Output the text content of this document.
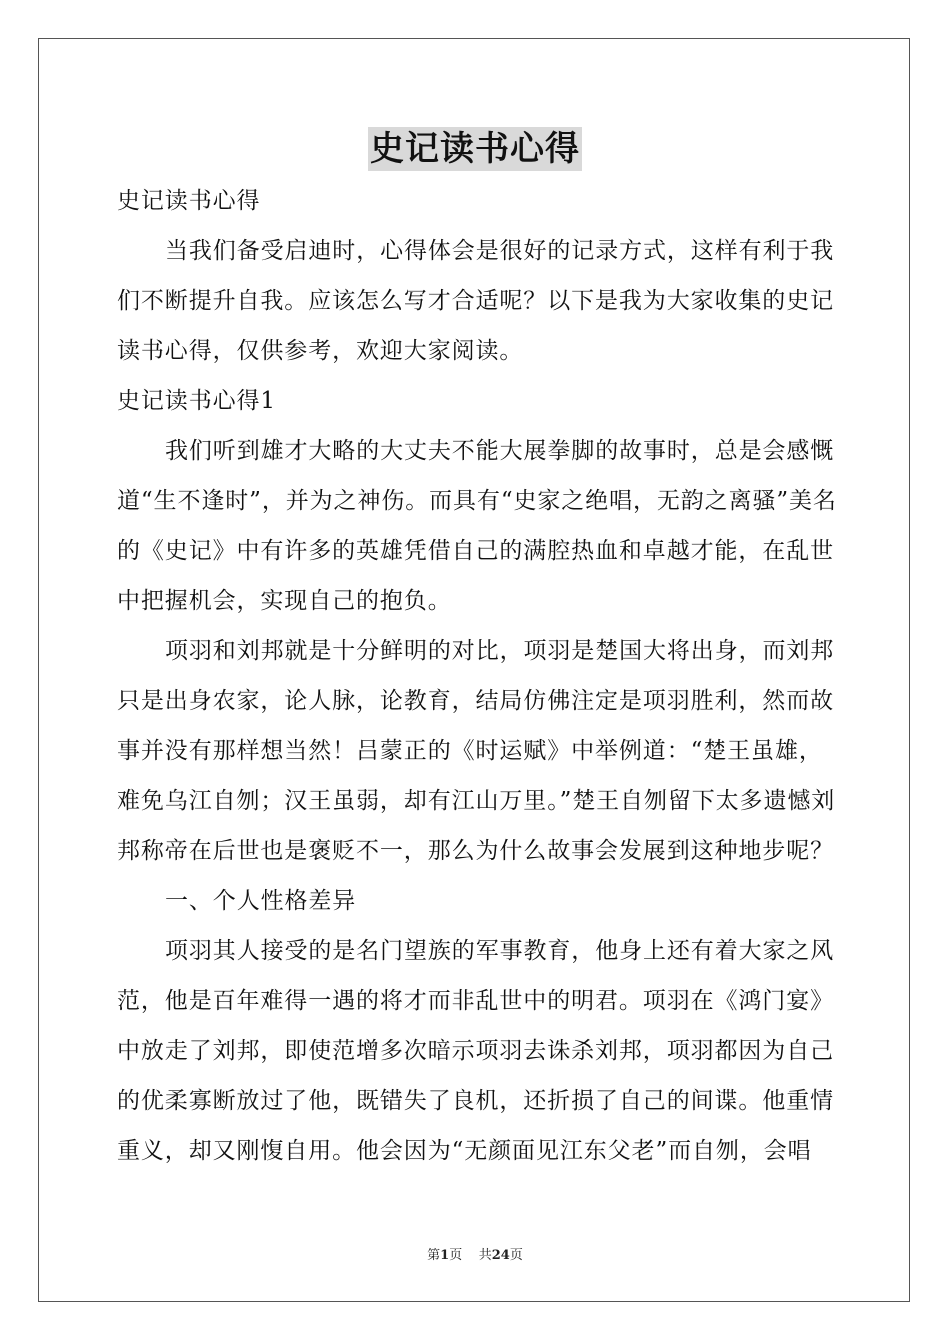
史记读书心得
史记读书心得

当我们备受启迪时，心得体会是很好的记录方式，这样有利于我们不断提升自我。应该怎么写才合适呢？以下是我为大家收集的史记读书心得，仅供参考，欢迎大家阅读。

史记读书心得1

我们听到雄才大略的大丈夫不能大展拳脚的故事时，总是会感慨道“生不逢时”，并为之神伤。而具有“史家之绝唱，无韵之离骚”美名的《史记》中有许多的英雄凭借自己的满腔热血和卓越才能，在乱世中把握机会，实现自己的抱负。

项羽和刘邦就是十分鲜明的对比，项羽是楚国大将出身，而刘邦只是出身农家，论人脉，论教育，结局仿佛注定是项羽胜利，然而故事并没有那样想当然！吕蒙正的《时运赋》中举例道：“楚王虽雄，难免乌江自刎；汉王虽弱，却有江山万里。”楚王自刎留下太多遗憾刘邦称帝在后世也是褒贬不一，那么为什么故事会发展到这种地步呢？

一、个人性格差异

项羽其人接受的是名门望族的军事教育，他身上还有着大家之风范，他是百年难得一遇的将才而非乱世中的明君。项羽在《鸿门宴》中放走了刘邦，即使范增多次暗示项羽去诛杀刘邦，项羽都因为自己的优柔寡断放过了他，既错失了良机，还折损了自己的间谍。他重情重义，却又刚愎自用。他会因为“无颜面见江东父老”而自刎，会唱

第1页    共24页
